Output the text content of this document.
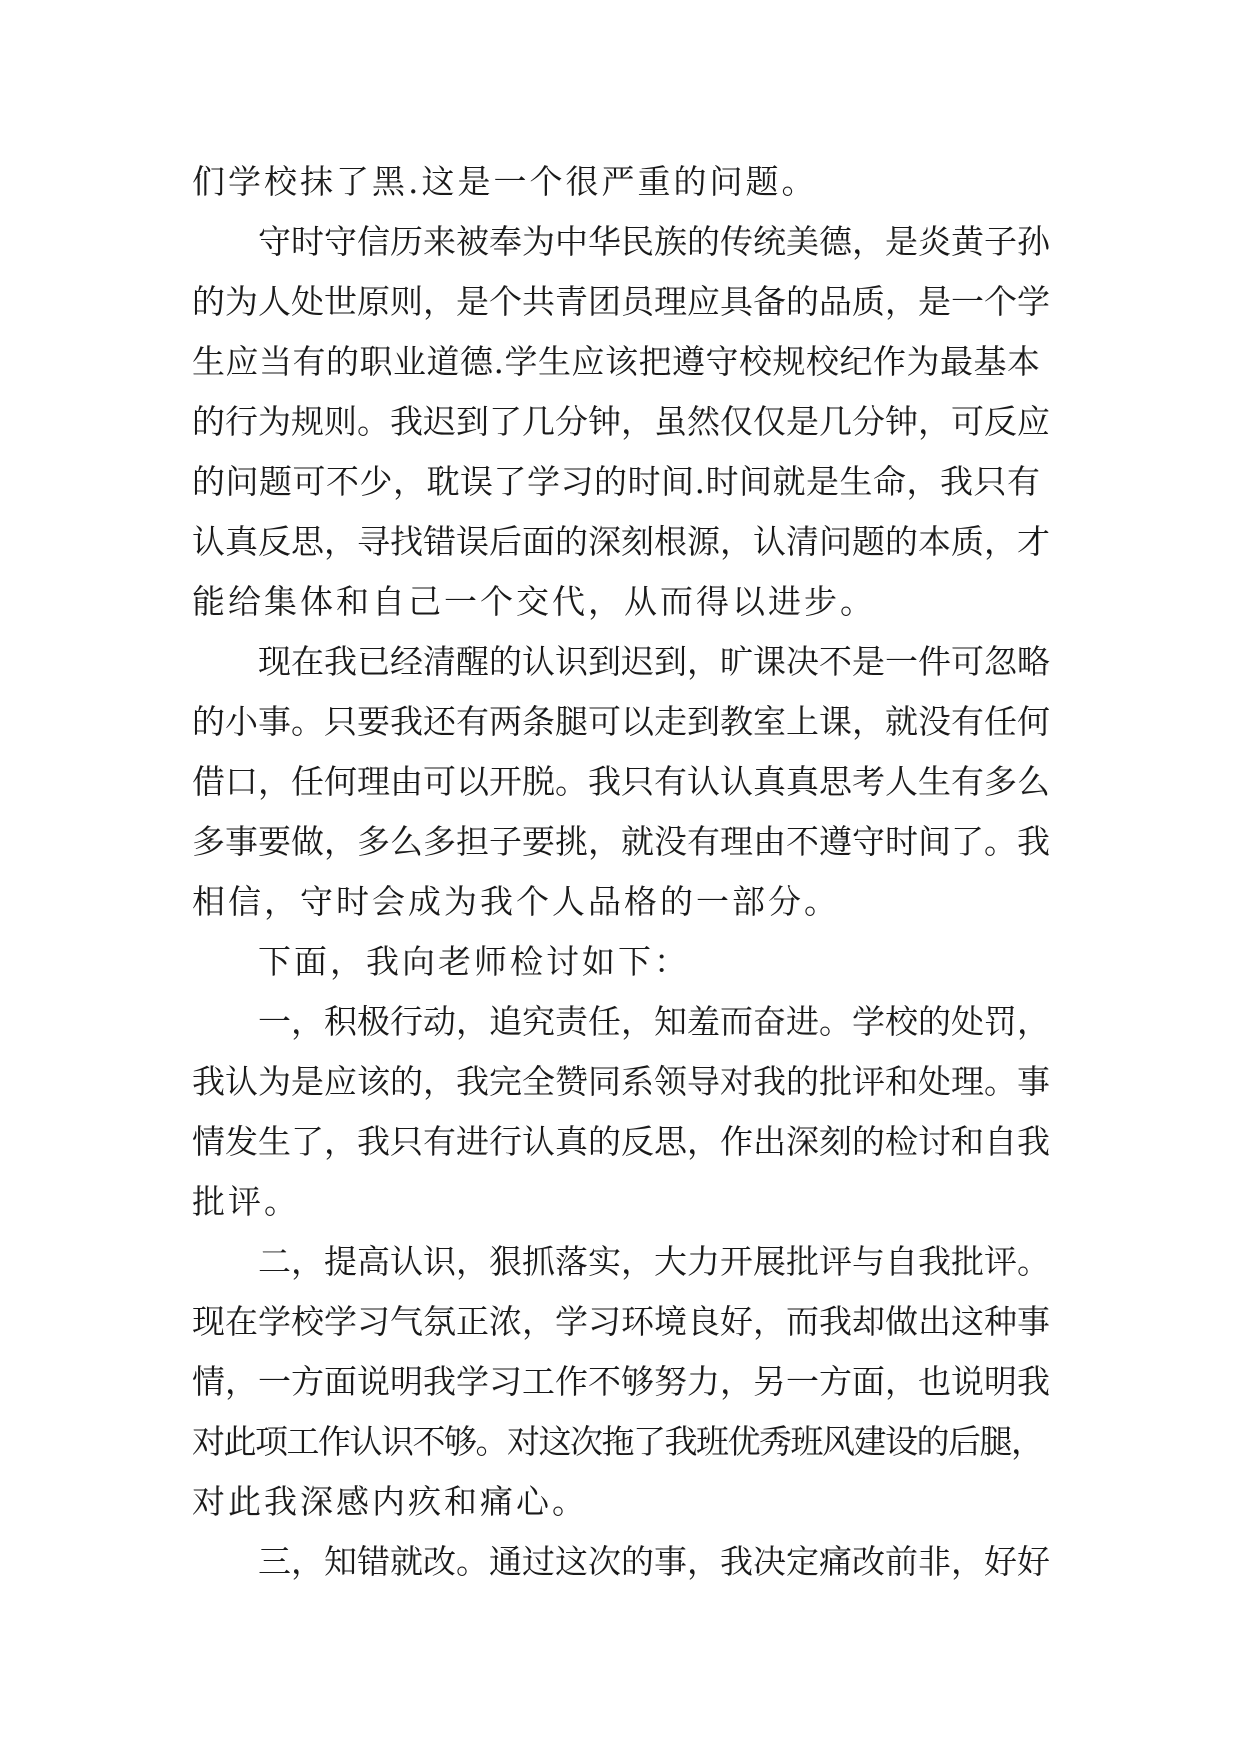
们学校抹了黑.这是一个很严重的问题。
守时守信历来被奉为中华民族的传统美德，是炎黄子孙
的为人处世原则，是个共青团员理应具备的品质，是一个学
生应当有的职业道德.学生应该把遵守校规校纪作为最基本
的行为规则。我迟到了几分钟，虽然仅仅是几分钟，可反应
的问题可不少，耽误了学习的时间.时间就是生命，我只有
认真反思，寻找错误后面的深刻根源，认清问题的本质，才
能给集体和自己一个交代，从而得以进步。
现在我已经清醒的认识到迟到，旷课决不是一件可忽略
的小事。只要我还有两条腿可以走到教室上课，就没有任何
借口，任何理由可以开脱。我只有认认真真思考人生有多么
多事要做，多么多担子要挑，就没有理由不遵守时间了。我
相信，守时会成为我个人品格的一部分。
下面，我向老师检讨如下：
一，积极行动，追究责任，知羞而奋进。学校的处罚，
我认为是应该的，我完全赞同系领导对我的批评和处理。事
情发生了，我只有进行认真的反思，作出深刻的检讨和自我
批评。
二，提高认识，狠抓落实，大力开展批评与自我批评。
现在学校学习气氛正浓，学习环境良好，而我却做出这种事
情，一方面说明我学习工作不够努力，另一方面，也说明我
对此项工作认识不够。对这次拖了我班优秀班风建设的后腿，
对此我深感内疚和痛心。
三，知错就改。通过这次的事，我决定痛改前非，好好
